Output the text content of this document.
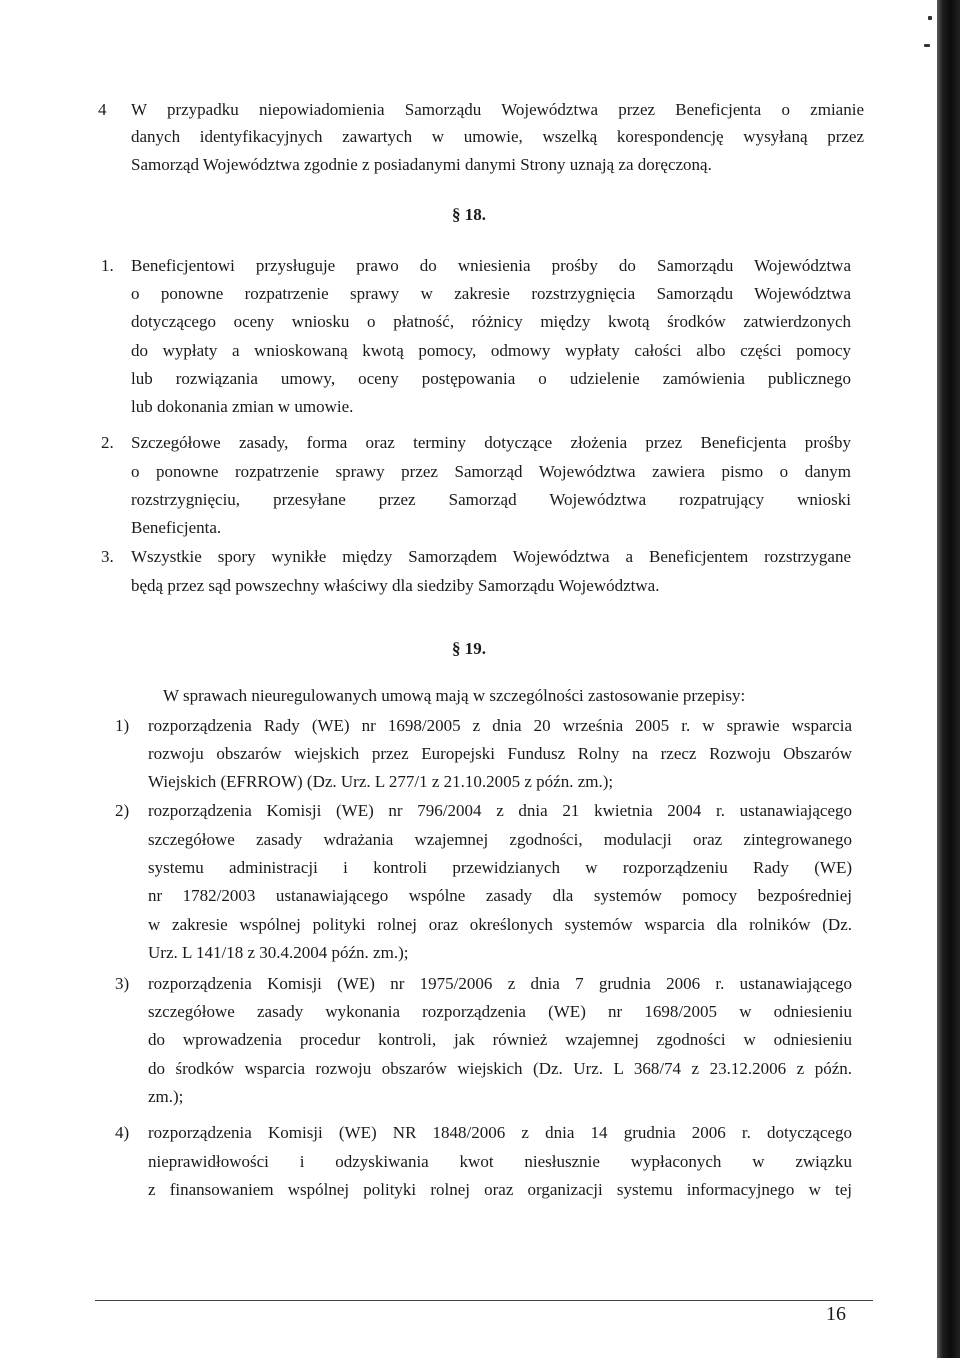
4 W przypadku niepowiadomienia Samorządu Województwa przez Beneficjenta o zmianie
danych identyfikacyjnych zawartych w umowie, wszelką korespondencję wysyłaną przez
Samorząd Województwa zgodnie z posiadanymi danymi Strony uznają za doręczoną.
§ 18.
1. Beneficjentowi przysługuje prawo do wniesienia prośby do Samorządu Województwa
o ponowne rozpatrzenie sprawy w zakresie rozstrzygnięcia Samorządu Województwa
dotyczącego oceny wniosku o płatność, różnicy między kwotą środków zatwierdzonych
do wypłaty a wnioskowaną kwotą pomocy, odmowy wypłaty całości albo części pomocy
lub rozwiązania umowy, oceny postępowania o udzielenie zamówienia publicznego
lub dokonania zmian w umowie.
2. Szczegółowe zasady, forma oraz terminy dotyczące złożenia przez Beneficjenta prośby
o ponowne rozpatrzenie sprawy przez Samorząd Województwa zawiera pismo o danym
rozstrzygnięciu, przesyłane przez Samorząd Województwa rozpatrujący wnioski
Beneficjenta.
3. Wszystkie spory wynikłe między Samorządem Województwa a Beneficjentem rozstrzygane
będą przez sąd powszechny właściwy dla siedziby Samorządu Województwa.
§ 19.
W sprawach nieuregulowanych umową mają w szczególności zastosowanie przepisy:
1) rozporządzenia Rady (WE) nr 1698/2005 z dnia 20 września 2005 r. w sprawie wsparcia
rozwoju obszarów wiejskich przez Europejski Fundusz Rolny na rzecz Rozwoju Obszarów
Wiejskich (EFRROW) (Dz. Urz. L 277/1 z 21.10.2005 z późn. zm.);
2) rozporządzenia Komisji (WE) nr 796/2004 z dnia 21 kwietnia 2004 r. ustanawiającego
szczegółowe zasady wdrażania wzajemnej zgodności, modulacji oraz zintegrowanego
systemu administracji i kontroli przewidzianych w rozporządzeniu Rady (WE)
nr 1782/2003 ustanawiającego wspólne zasady dla systemów pomocy bezpośredniej
w zakresie wspólnej polityki rolnej oraz określonych systemów wsparcia dla rolników (Dz.
Urz. L 141/18 z 30.4.2004 późn. zm.);
3) rozporządzenia Komisji (WE) nr 1975/2006 z dnia 7 grudnia 2006 r. ustanawiającego
szczegółowe zasady wykonania rozporządzenia (WE) nr 1698/2005 w odniesieniu
do wprowadzenia procedur kontroli, jak również wzajemnej zgodności w odniesieniu
do środków wsparcia rozwoju obszarów wiejskich (Dz. Urz. L 368/74 z 23.12.2006 z późn.
zm.);
4) rozporządzenia Komisji (WE) NR 1848/2006 z dnia 14 grudnia 2006 r. dotyczącego
nieprawidłowości i odzyskiwania kwot niesłusznie wypłaconych w związku
z finansowaniem wspólnej polityki rolnej oraz organizacji systemu informacyjnego w tej
16
